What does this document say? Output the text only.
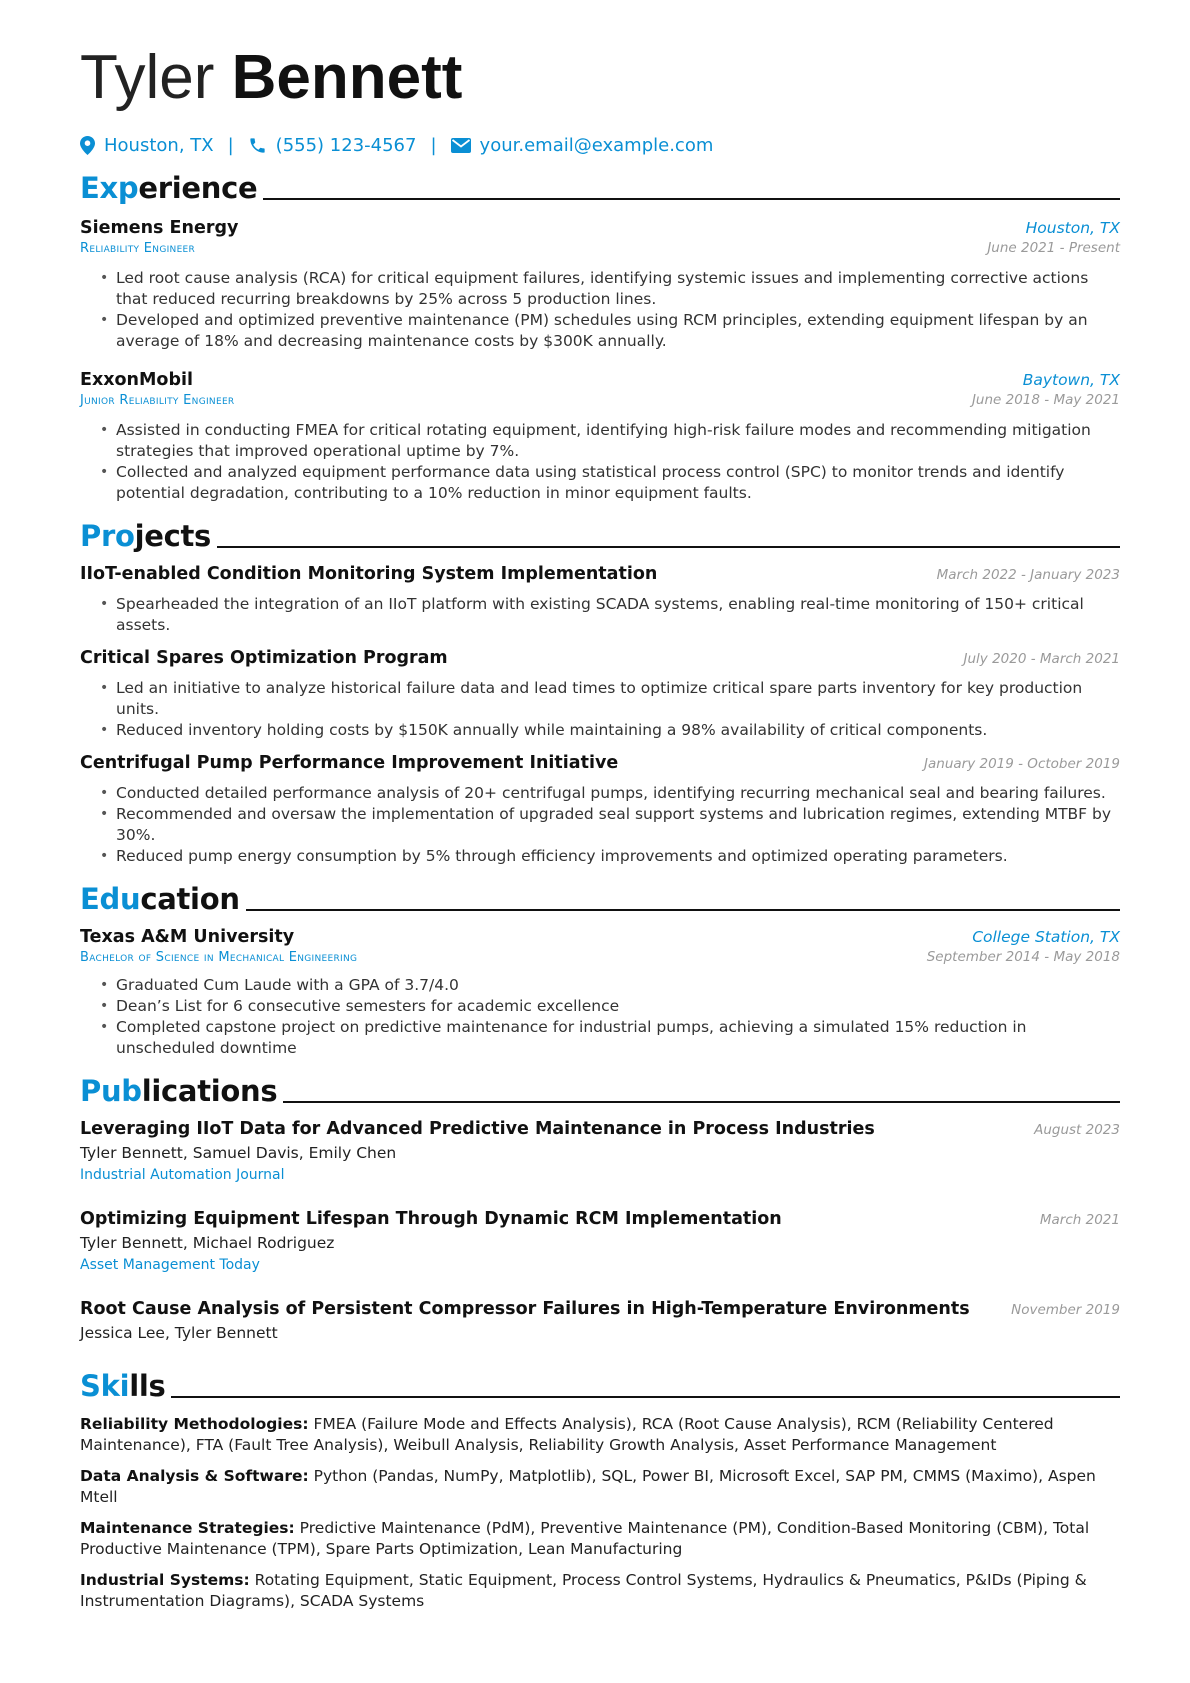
Tyler Bennett
Houston, TX | (555) 123-4567 | your.email@example.com
Experience
Siemens Energy	Houston, TX
Reliability Engineer	June 2021 - Present
• Led root cause analysis (RCA) for critical equipment failures, identifying systemic issues and implementing corrective actions that reduced recurring breakdowns by 25% across 5 production lines.
• Developed and optimized preventive maintenance (PM) schedules using RCM principles, extending equipment lifespan by an average of 18% and decreasing maintenance costs by $300K annually.
ExxonMobil	Baytown, TX
Junior Reliability Engineer	June 2018 - May 2021
• Assisted in conducting FMEA for critical rotating equipment, identifying high-risk failure modes and recommending mitigation strategies that improved operational uptime by 7%.
• Collected and analyzed equipment performance data using statistical process control (SPC) to monitor trends and identify potential degradation, contributing to a 10% reduction in minor equipment faults.
Projects
IIoT-enabled Condition Monitoring System Implementation	March 2022 - January 2023
• Spearheaded the integration of an IIoT platform with existing SCADA systems, enabling real-time monitoring of 150+ critical assets.
Critical Spares Optimization Program	July 2020 - March 2021
• Led an initiative to analyze historical failure data and lead times to optimize critical spare parts inventory for key production units.
• Reduced inventory holding costs by $150K annually while maintaining a 98% availability of critical components.
Centrifugal Pump Performance Improvement Initiative	January 2019 - October 2019
• Conducted detailed performance analysis of 20+ centrifugal pumps, identifying recurring mechanical seal and bearing failures.
• Recommended and oversaw the implementation of upgraded seal support systems and lubrication regimes, extending MTBF by 30%.
• Reduced pump energy consumption by 5% through efficiency improvements and optimized operating parameters.
Education
Texas A&M University	College Station, TX
Bachelor of Science in Mechanical Engineering	September 2014 - May 2018
• Graduated Cum Laude with a GPA of 3.7/4.0
• Dean’s List for 6 consecutive semesters for academic excellence
• Completed capstone project on predictive maintenance for industrial pumps, achieving a simulated 15% reduction in unscheduled downtime
Publications
Leveraging IIoT Data for Advanced Predictive Maintenance in Process Industries	August 2023
Tyler Bennett, Samuel Davis, Emily Chen
Industrial Automation Journal
Optimizing Equipment Lifespan Through Dynamic RCM Implementation	March 2021
Tyler Bennett, Michael Rodriguez
Asset Management Today
Root Cause Analysis of Persistent Compressor Failures in High-Temperature Environments	November 2019
Jessica Lee, Tyler Bennett
Skills
Reliability Methodologies: FMEA (Failure Mode and Effects Analysis), RCA (Root Cause Analysis), RCM (Reliability Centered Maintenance), FTA (Fault Tree Analysis), Weibull Analysis, Reliability Growth Analysis, Asset Performance Management
Data Analysis & Software: Python (Pandas, NumPy, Matplotlib), SQL, Power BI, Microsoft Excel, SAP PM, CMMS (Maximo), Aspen Mtell
Maintenance Strategies: Predictive Maintenance (PdM), Preventive Maintenance (PM), Condition-Based Monitoring (CBM), Total Productive Maintenance (TPM), Spare Parts Optimization, Lean Manufacturing
Industrial Systems: Rotating Equipment, Static Equipment, Process Control Systems, Hydraulics & Pneumatics, P&IDs (Piping & Instrumentation Diagrams), SCADA Systems
